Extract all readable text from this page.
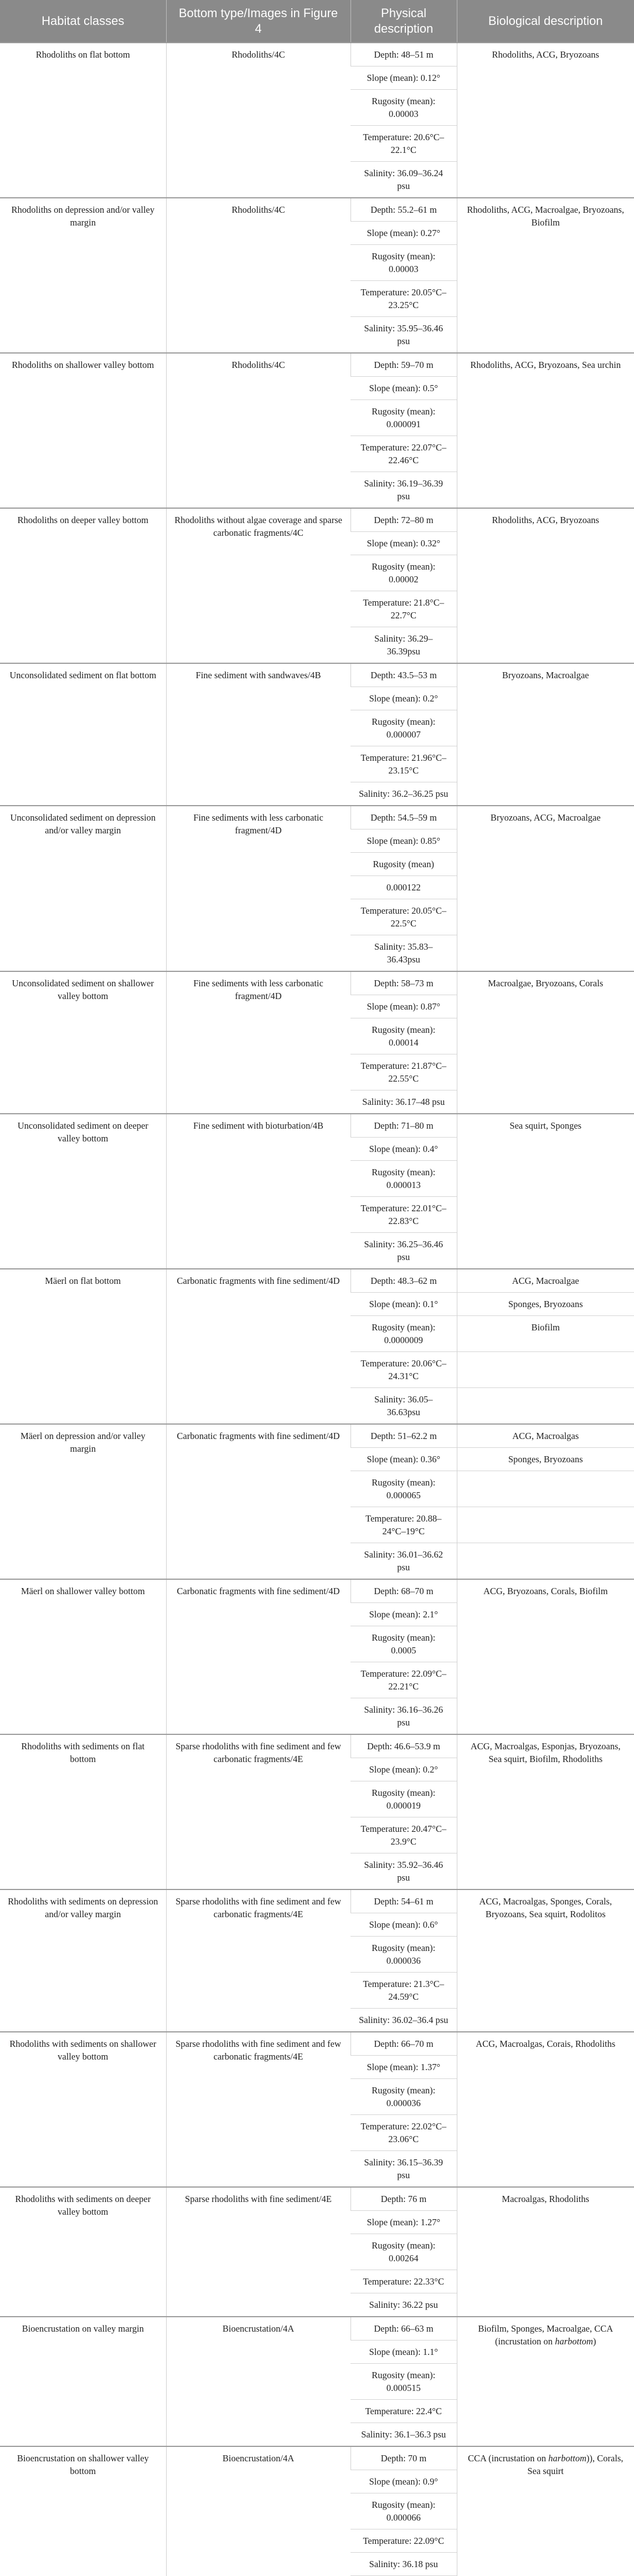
Habitat classes	Bottom type/Images in Figure 4	Physical description	Biological description
Rhodoliths on flat bottom	Rhodoliths/4C	Depth: 48–51 m	Rhodoliths, ACG, Bryozoans
		Slope (mean): 0.12°	
		Rugosity (mean): 0.00003	
		Temperature: 20.6°C–22.1°C	
		Salinity: 36.09–36.24 psu	
Rhodoliths on depression and/or valley margin	Rhodoliths/4C	Depth: 55.2–61 m	Rhodoliths, ACG, Macroalgae, Bryozoans, Biofilm
		Slope (mean): 0.27°	
		Rugosity (mean): 0.00003	
		Temperature: 20.05°C–23.25°C	
		Salinity: 35.95–36.46 psu	
Rhodoliths on shallower valley bottom	Rhodoliths/4C	Depth: 59–70 m	Rhodoliths, ACG, Bryozoans, Sea urchin
		Slope (mean): 0.5°	
		Rugosity (mean): 0.000091	
		Temperature: 22.07°C–22.46°C	
		Salinity: 36.19–36.39 psu	
Rhodoliths on deeper valley bottom	Rhodoliths without algae coverage and sparse carbonatic fragments/4C	Depth: 72–80 m	Rhodoliths, ACG, Bryozoans
		Slope (mean): 0.32°	
		Rugosity (mean): 0.00002	
		Temperature: 21.8°C–22.7°C	
		Salinity: 36.29–36.39psu	
Unconsolidated sediment on flat bottom	Fine sediment with sandwaves/4B	Depth: 43.5–53 m	Bryozoans, Macroalgae
		Slope (mean): 0.2°	
		Rugosity (mean): 0.000007	
		Temperature: 21.96°C–23.15°C	
		Salinity: 36.2–36.25 psu	
Unconsolidated sediment on depression and/or valley margin	Fine sediments with less carbonatic fragment/4D	Depth: 54.5–59 m	Bryozoans, ACG, Macroalgae
		Slope (mean): 0.85°	
		Rugosity (mean)	
		0.000122	
		Temperature: 20.05°C–22.5°C	
		Salinity: 35.83–36.43psu	
Unconsolidated sediment on shallower valley bottom	Fine sediments with less carbonatic fragment/4D	Depth: 58–73 m	Macroalgae, Bryozoans, Corals
		Slope (mean): 0.87°	
		Rugosity (mean): 0.00014	
		Temperature: 21.87°C–22.55°C	
		Salinity: 36.17–48 psu	
Unconsolidated sediment on deeper valley bottom	Fine sediment with bioturbation/4B	Depth: 71–80 m	Sea squirt, Sponges
		Slope (mean): 0.4°	
		Rugosity (mean): 0.000013	
		Temperature: 22.01°C–22.83°C	
		Salinity: 36.25–36.46 psu	
Mäerl on flat bottom	Carbonatic fragments with fine sediment/4D	Depth: 48.3–62 m	ACG, Macroalgae
		Slope (mean): 0.1°	Sponges, Bryozoans
		Rugosity (mean): 0.0000009	Biofilm
		Temperature: 20.06°C–24.31°C	
		Salinity: 36.05–36.63psu	
Mäerl on depression and/or valley margin	Carbonatic fragments with fine sediment/4D	Depth: 51–62.2 m	ACG, Macroalgas
		Slope (mean): 0.36°	Sponges, Bryozoans
		Rugosity (mean): 0.000065	
		Temperature: 20.88–24°C–19°C	
		Salinity: 36.01–36.62 psu	
Mäerl on shallower valley bottom	Carbonatic fragments with fine sediment/4D	Depth: 68–70 m	ACG, Bryozoans, Corals, Biofilm
		Slope (mean): 2.1°	
		Rugosity (mean): 0.0005	
		Temperature: 22.09°C–22.21°C	
		Salinity: 36.16–36.26 psu	
Rhodoliths with sediments on flat bottom	Sparse rhodoliths with fine sediment and few carbonatic fragments/4E	Depth: 46.6–53.9 m	ACG, Macroalgas, Esponjas, Bryozoans, Sea squirt, Biofilm, Rhodoliths
		Slope (mean): 0.2°	
		Rugosity (mean): 0.000019	
		Temperature: 20.47°C–23.9°C	
		Salinity: 35.92–36.46 psu	
Rhodoliths with sediments on depression and/or valley margin	Sparse rhodoliths with fine sediment and few carbonatic fragments/4E	Depth: 54–61 m	ACG, Macroalgas, Sponges, Corals, Bryozoans, Sea squirt, Rodolitos
		Slope (mean): 0.6°	
		Rugosity (mean): 0.000036	
		Temperature: 21.3°C–24.59°C	
		Salinity: 36.02–36.4 psu	
Rhodoliths with sediments on shallower valley bottom	Sparse rhodoliths with fine sediment and few carbonatic fragments/4E	Depth: 66–70 m	ACG, Macroalgas, Corais, Rhodoliths
		Slope (mean): 1.37°	
		Rugosity (mean): 0.000036	
		Temperature: 22.02°C–23.06°C	
		Salinity: 36.15–36.39 psu	
Rhodoliths with sediments on deeper valley bottom	Sparse rhodoliths with fine sediment/4E	Depth: 76 m	Macroalgas, Rhodoliths
		Slope (mean): 1.27°	
		Rugosity (mean): 0.00264	
		Temperature: 22.33°C	
		Salinity: 36.22 psu	
Bioencrustation on valley margin	Bioencrustation/4A	Depth: 66–63 m	Biofilm, Sponges, Macroalgae, CCA (incrustation on harbottom)
		Slope (mean): 1.1°	
		Rugosity (mean): 0.000515	
		Temperature: 22.4°C	
		Salinity: 36.1–36.3 psu	
Bioencrustation on shallower valley bottom	Bioencrustation/4A	Depth: 70 m	CCA (incrustation on harbottom)), Corals, Sea squirt
		Slope (mean): 0.9°	
		Rugosity (mean): 0.000066	
		Temperature: 22.09°C	
		Salinity: 36.18 psu	
